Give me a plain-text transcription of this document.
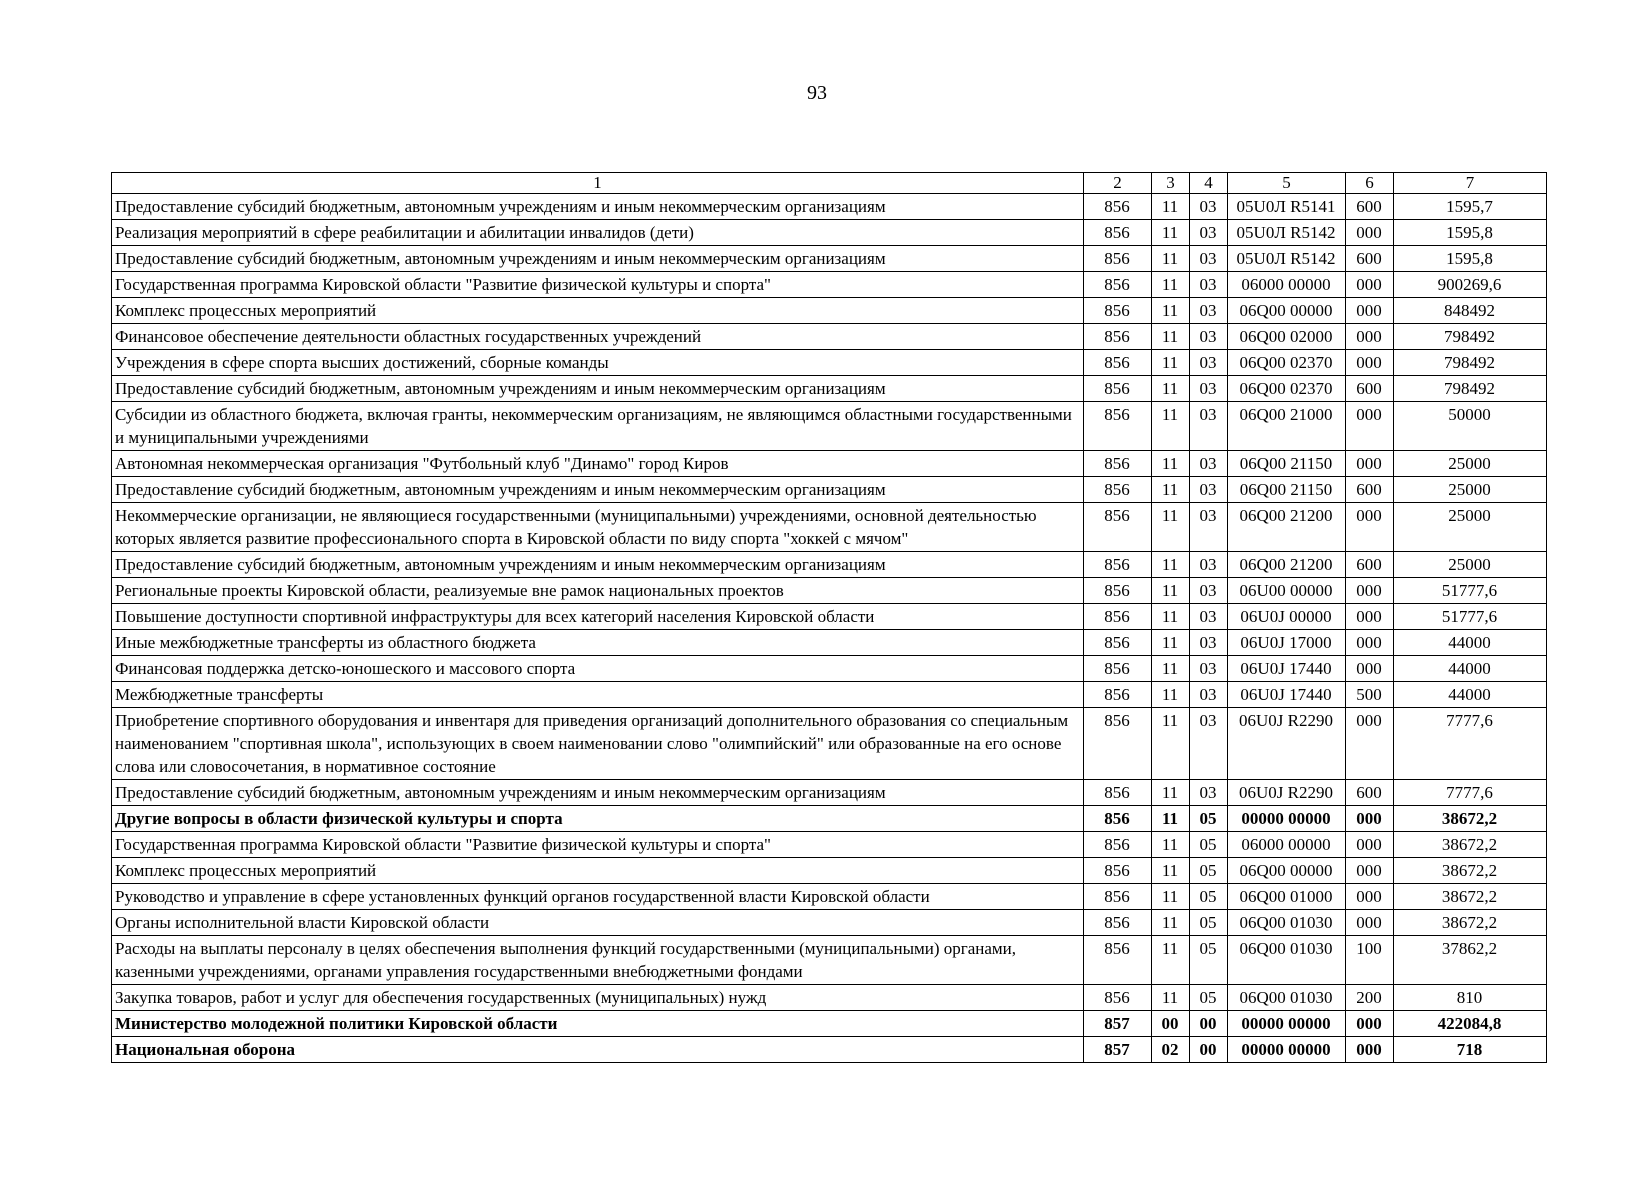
93
1	2	3	4	5	6	7
Предоставление субсидий бюджетным, автономным учреждениям и иным некоммерческим организациям	856	11	03	05U0Л R5141	600	1595,7
Реализация мероприятий в сфере реабилитации и абилитации инвалидов (дети)	856	11	03	05U0Л R5142	000	1595,8
Предоставление субсидий бюджетным, автономным учреждениям и иным некоммерческим организациям	856	11	03	05U0Л R5142	600	1595,8
Государственная программа Кировской области "Развитие физической культуры и спорта"	856	11	03	06000 00000	000	900269,6
Комплекс процессных мероприятий	856	11	03	06Q00 00000	000	848492
Финансовое обеспечение деятельности областных государственных учреждений	856	11	03	06Q00 02000	000	798492
Учреждения в сфере спорта высших достижений, сборные команды	856	11	03	06Q00 02370	000	798492
Предоставление субсидий бюджетным, автономным учреждениям и иным некоммерческим организациям	856	11	03	06Q00 02370	600	798492
Субсидии из областного бюджета, включая гранты, некоммерческим организациям, не являющимся областными государственными и муниципальными учреждениями	856	11	03	06Q00 21000	000	50000
Автономная некоммерческая организация "Футбольный клуб "Динамо" город Киров	856	11	03	06Q00 21150	000	25000
Предоставление субсидий бюджетным, автономным учреждениям и иным некоммерческим организациям	856	11	03	06Q00 21150	600	25000
Некоммерческие организации, не являющиеся государственными (муниципальными) учреждениями, основной деятельностью которых является развитие профессионального спорта в Кировской области по виду спорта "хоккей с мячом"	856	11	03	06Q00 21200	000	25000
Предоставление субсидий бюджетным, автономным учреждениям и иным некоммерческим организациям	856	11	03	06Q00 21200	600	25000
Региональные проекты Кировской области, реализуемые вне рамок национальных проектов	856	11	03	06U00 00000	000	51777,6
Повышение доступности спортивной инфраструктуры для всех категорий населения Кировской области	856	11	03	06U0J 00000	000	51777,6
Иные межбюджетные трансферты из областного бюджета	856	11	03	06U0J 17000	000	44000
Финансовая поддержка детско-юношеского и массового спорта	856	11	03	06U0J 17440	000	44000
Межбюджетные трансферты	856	11	03	06U0J 17440	500	44000
Приобретение спортивного оборудования и инвентаря для приведения организаций дополнительного образования со специальным наименованием "спортивная школа", использующих в своем наименовании слово "олимпийский" или образованные на его основе слова или словосочетания, в нормативное состояние	856	11	03	06U0J R2290	000	7777,6
Предоставление субсидий бюджетным, автономным учреждениям и иным некоммерческим организациям	856	11	03	06U0J R2290	600	7777,6
Другие вопросы в области физической культуры и спорта	856	11	05	00000 00000	000	38672,2
Государственная программа Кировской области "Развитие физической культуры и спорта"	856	11	05	06000 00000	000	38672,2
Комплекс процессных мероприятий	856	11	05	06Q00 00000	000	38672,2
Руководство и управление в сфере установленных функций органов государственной власти Кировской области	856	11	05	06Q00 01000	000	38672,2
Органы исполнительной власти Кировской области	856	11	05	06Q00 01030	000	38672,2
Расходы на выплаты персоналу в целях обеспечения выполнения функций государственными (муниципальными) органами, казенными учреждениями, органами управления государственными внебюджетными фондами	856	11	05	06Q00 01030	100	37862,2
Закупка товаров, работ и услуг для обеспечения государственных (муниципальных) нужд	856	11	05	06Q00 01030	200	810
Министерство молодежной политики Кировской области	857	00	00	00000 00000	000	422084,8
Национальная оборона	857	02	00	00000 00000	000	718
